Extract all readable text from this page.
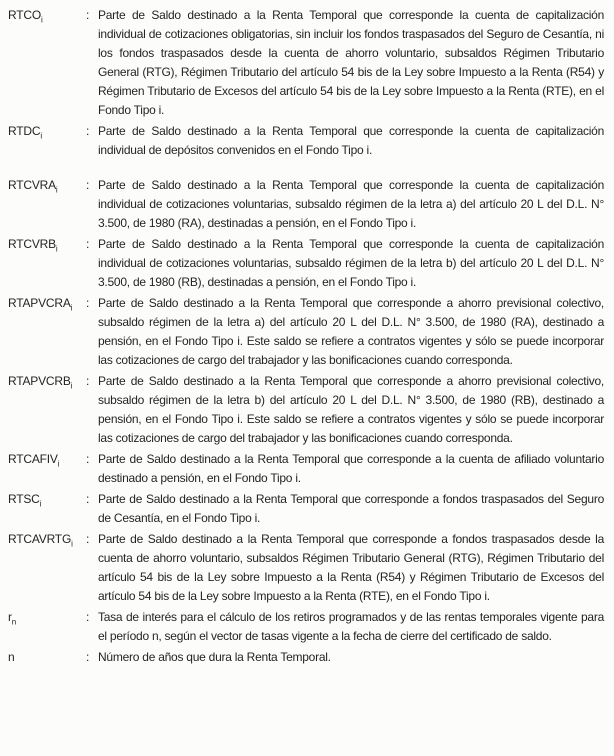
$RTCO_i$	: Parte de Saldo destinado a la Renta Temporal que corresponde la cuenta de capitalización individual de cotizaciones obligatorias, sin incluir los fondos traspasados del Seguro de Cesantía, ni los fondos traspasados desde la cuenta de ahorro voluntario, subsaldos Régimen Tributario General (RTG), Régimen Tributario del artículo 54 bis de la Ley sobre Impuesto a la Renta (R54) y Régimen Tributario de Excesos del artículo 54 bis de la Ley sobre Impuesto a la Renta (RTE), en el Fondo Tipo i.
$RTDC_i$	: Parte de Saldo destinado a la Renta Temporal que corresponde la cuenta de capitalización individual de depósitos convenidos en el Fondo Tipo i.
$RTCVRA_i$	: Parte de Saldo destinado a la Renta Temporal que corresponde la cuenta de capitalización individual de cotizaciones voluntarias, subsaldo régimen de la letra a) del artículo 20 L del D.L. N° 3.500, de 1980 (RA), destinadas a pensión, en el Fondo Tipo i.
$RTCVRB_i$	: Parte de Saldo destinado a la Renta Temporal que corresponde la cuenta de capitalización individual de cotizaciones voluntarias, subsaldo régimen de la letra b) del artículo 20 L del D.L. N° 3.500, de 1980 (RB), destinadas a pensión, en el Fondo Tipo i.
$RTAPVCRA_i$	: Parte de Saldo destinado a la Renta Temporal que corresponde a ahorro previsional colectivo, subsaldo régimen de la letra a) del artículo 20 L del D.L. N° 3.500, de 1980 (RA), destinado a pensión, en el Fondo Tipo i. Este saldo se refiere a contratos vigentes y sólo se puede incorporar las cotizaciones de cargo del trabajador y las bonificaciones cuando corresponda.
$RTAPVCRB_i$	: Parte de Saldo destinado a la Renta Temporal que corresponde a ahorro previsional colectivo, subsaldo régimen de la letra b) del artículo 20 L del D.L. N° 3.500, de 1980 (RB), destinado a pensión, en el Fondo Tipo i. Este saldo se refiere a contratos vigentes y sólo se puede incorporar las cotizaciones de cargo del trabajador y las bonificaciones cuando corresponda.
$RTCAFIV_i$	: Parte de Saldo destinado a la Renta Temporal que corresponde a la cuenta de afiliado voluntario destinado a pensión, en el Fondo Tipo i.
$RTSC_i$	: Parte de Saldo destinado a la Renta Temporal que corresponde a fondos traspasados del Seguro de Cesantía, en el Fondo Tipo i.
$RTCAVRTG_i$	: Parte de Saldo destinado a la Renta Temporal que corresponde a fondos traspasados desde la cuenta de ahorro voluntario, subsaldos Régimen Tributario General (RTG), Régimen Tributario del artículo 54 bis de la Ley sobre Impuesto a la Renta (R54) y Régimen Tributario de Excesos del artículo 54 bis de la Ley sobre Impuesto a la Renta (RTE), en el Fondo Tipo i.
$r_n$	: Tasa de interés para el cálculo de los retiros programados y de las rentas temporales vigente para el período n, según el vector de tasas vigente a la fecha de cierre del certificado de saldo.
n	: Número de años que dura la Renta Temporal.
